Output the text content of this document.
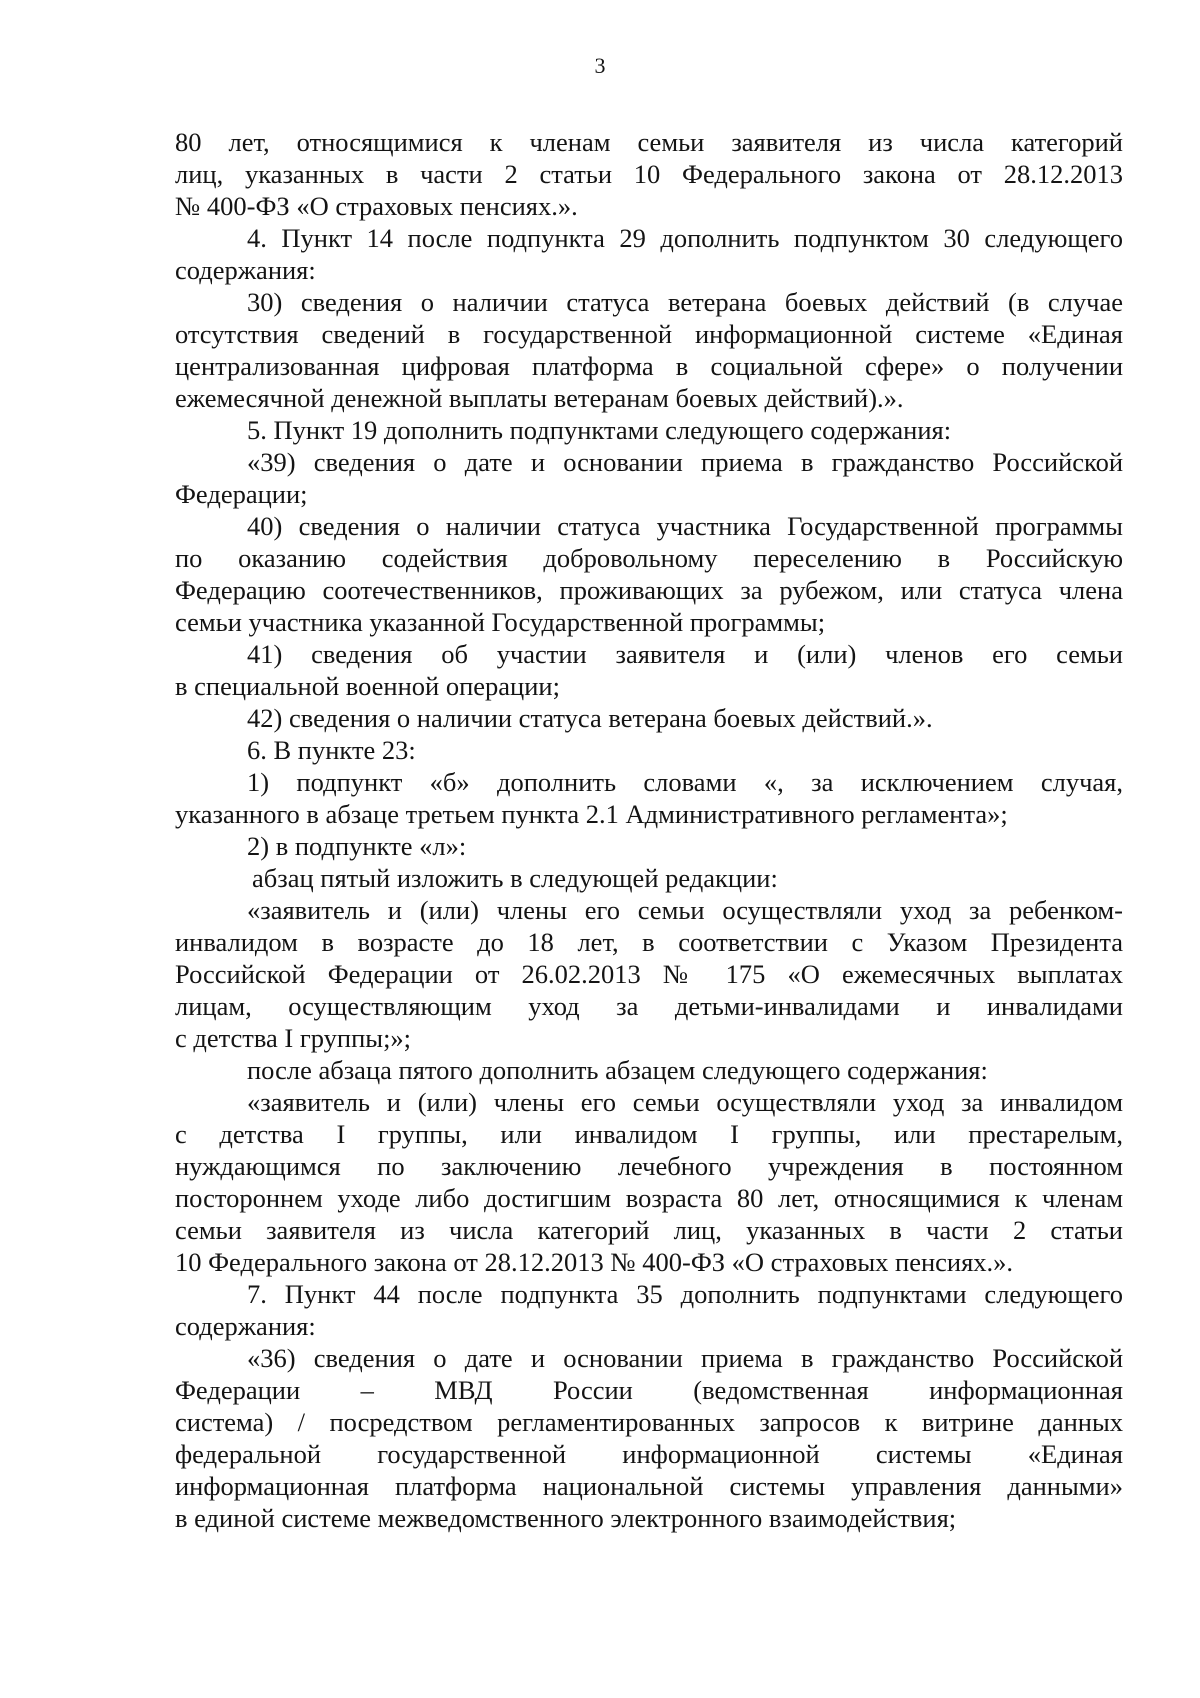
3
80 лет, относящимися к членам семьи заявителя из числа категорий
лиц, указанных в части 2 статьи 10 Федерального закона от 28.12.2013
№ 400-ФЗ «О страховых пенсиях.».
4. Пункт 14 после подпункта 29 дополнить подпунктом 30 следующего
содержания:
30) сведения о наличии статуса ветерана боевых действий (в случае
отсутствия сведений в государственной информационной системе «Единая
централизованная цифровая платформа в социальной сфере» о получении
ежемесячной денежной выплаты ветеранам боевых действий).».
5. Пункт 19 дополнить подпунктами следующего содержания:
«39) сведения о дате и основании приема в гражданство Российской
Федерации;
40) сведения о наличии статуса участника Государственной программы
по оказанию содействия добровольному переселению в Российскую
Федерацию соотечественников, проживающих за рубежом, или статуса члена
семьи участника указанной Государственной программы;
41) сведения об участии заявителя и (или) членов его семьи
в специальной военной операции;
42) сведения о наличии статуса ветерана боевых действий.».
6. В пункте 23:
1) подпункт «б» дополнить словами «, за исключением случая,
указанного в абзаце третьем пункта 2.1 Административного регламента»;
2) в подпункте «л»:
абзац пятый изложить в следующей редакции:
«заявитель и (или) члены его семьи осуществляли уход за ребенком-
инвалидом в возрасте до 18 лет, в соответствии с Указом Президента
Российской Федерации от 26.02.2013 № 175 «О ежемесячных выплатах
лицам, осуществляющим уход за детьми-инвалидами и инвалидами
с детства I группы;»;
после абзаца пятого дополнить абзацем следующего содержания:
«заявитель и (или) члены его семьи осуществляли уход за инвалидом
с детства I группы, или инвалидом I группы, или престарелым,
нуждающимся по заключению лечебного учреждения в постоянном
постороннем уходе либо достигшим возраста 80 лет, относящимися к членам
семьи заявителя из числа категорий лиц, указанных в части 2 статьи
10 Федерального закона от 28.12.2013 № 400-ФЗ «О страховых пенсиях.».
7. Пункт 44 после подпункта 35 дополнить подпунктами следующего
содержания:
«36) сведения о дате и основании приема в гражданство Российской
Федерации – МВД России (ведомственная информационная
система) / посредством регламентированных запросов к витрине данных
федеральной государственной информационной системы «Единая
информационная платформа национальной системы управления данными»
в единой системе межведомственного электронного взаимодействия;
